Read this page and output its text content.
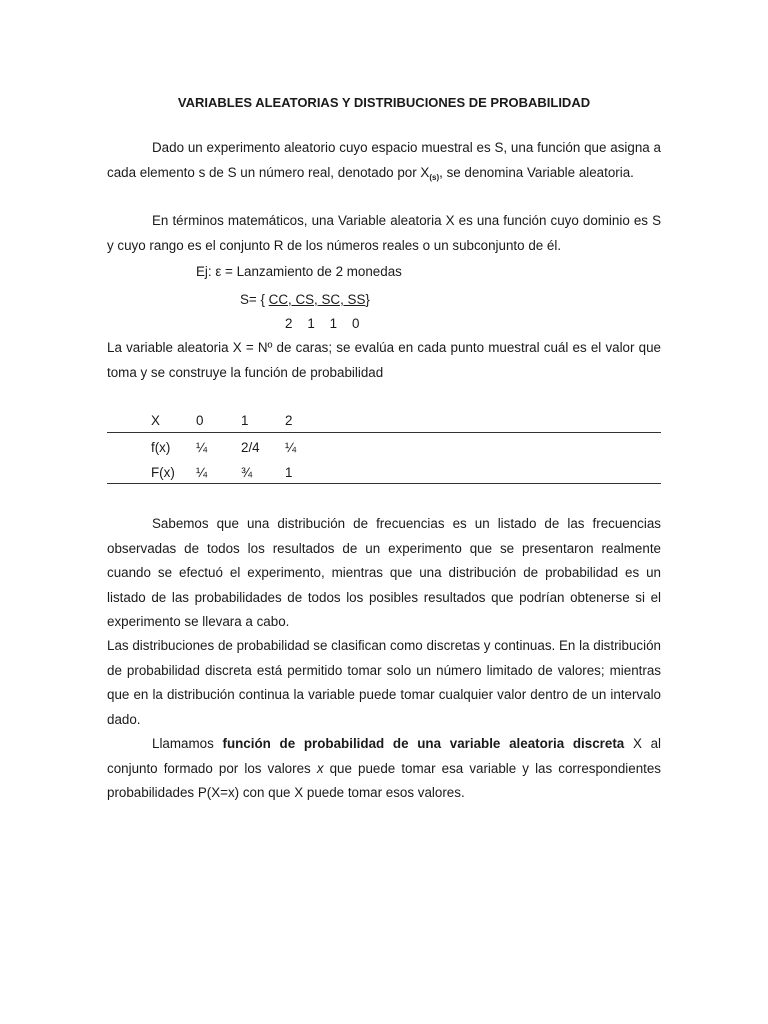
VARIABLES ALEATORIAS Y DISTRIBUCIONES DE PROBABILIDAD
Dado un experimento aleatorio cuyo espacio muestral es S, una función que asigna a cada elemento s de S un número real, denotado por $X_{(s)}$, se denomina Variable aleatoria.
En términos matemáticos, una Variable aleatoria X es una función cuyo dominio es S y cuyo rango es el conjunto R de los números reales o un subconjunto de él.
Ej: ε = Lanzamiento de 2 monedas
S= { CC, CS, SC, SS}
2    1    1    0
La variable aleatoria X = Nº de caras; se evalúa en cada punto muestral cuál es el valor que toma y se construye la función de probabilidad
X	0	1	2
f(x) ¼	2/4 ¼
F(x) ¼	¾ 1
Sabemos que una distribución de frecuencias es un listado de las frecuencias observadas de todos los resultados de un experimento que se presentaron realmente cuando se efectuó el experimento, mientras que una distribución de probabilidad es un listado de las probabilidades de todos los posibles resultados que podrían obtenerse si el experimento se llevara a cabo.
Las distribuciones de probabilidad se clasifican como discretas y continuas. En la distribución de probabilidad discreta está permitido tomar solo un número limitado de valores; mientras que en la distribución continua la variable puede tomar cualquier valor dentro de un intervalo dado.
Llamamos función de probabilidad de una variable aleatoria discreta X al conjunto formado por los valores x que puede tomar esa variable y las correspondientes probabilidades P(X=x) con que X puede tomar esos valores.
